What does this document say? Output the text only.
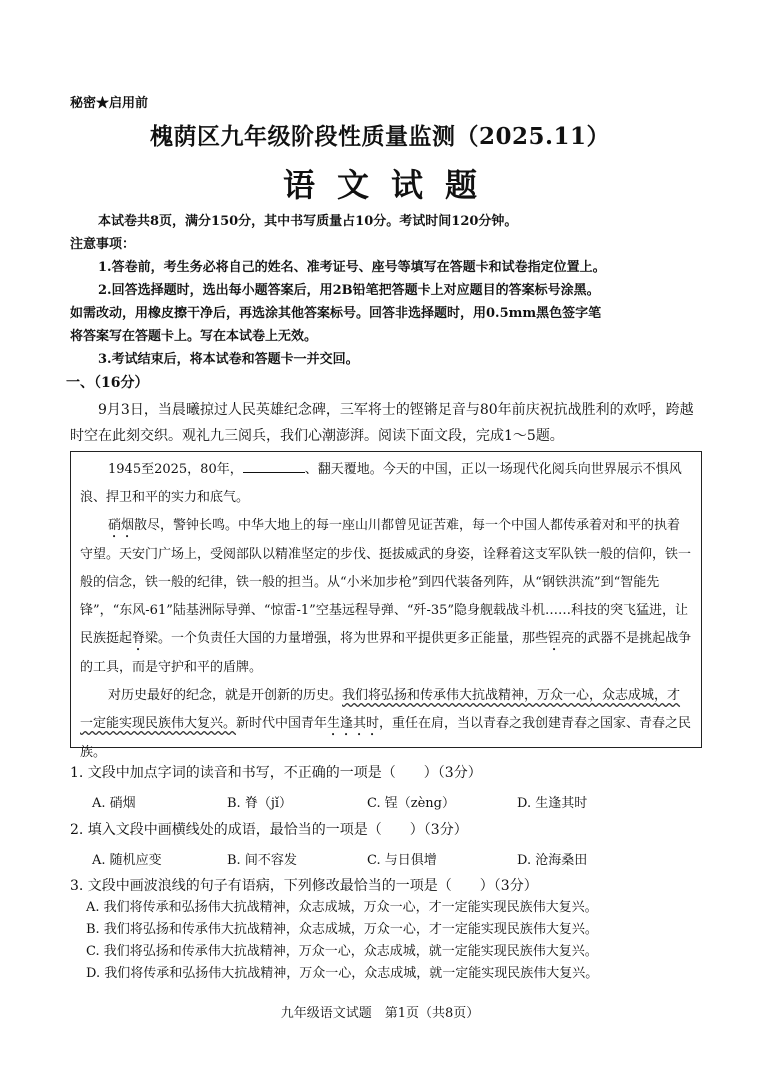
秘密★启用前
槐荫区九年级阶段性质量监测（2025.11）
语文试题

本试卷共8页，满分150分，其中书写质量占10分。考试时间120分钟。

注意事项：

1.答卷前，考生务必将自己的姓名、准考证号、座号等填写在答题卡和试卷指定位置上。

2.回答选择题时，选出每小题答案后，用2B铅笔把答题卡上对应题目的答案标号涂黑。

如需改动，用橡皮擦干净后，再选涂其他答案标号。回答非选择题时，用0.5mm黑色签字笔

将答案写在答题卡上。写在本试卷上无效。

3.考试结束后，将本试卷和答题卡一并交回。

一、（16分）
9月3日，当晨曦掠过人民英雄纪念碑，三军将士的铿锵足音与80年前庆祝抗战胜利的欢呼，跨越时空在此刻交织。观礼九三阅兵，我们心潮澎湃。阅读下面文段，完成1～5题。

1945至2025，80年，	、翻天覆地。今天的中国，正以一场现代化阅兵向世界展示不惧风浪、捍卫和平的实力和底气。

硝烟散尽，警钟长鸣。中华大地上的每一座山川都曾见证苦难，每一个中国人都传承着对和平的执着守望。天安门广场上，受阅部队以精准坚定的步伐、挺拔威武的身姿，诠释着这支军队铁一般的信仰，铁一般的信念，铁一般的纪律，铁一般的担当。从“小米加步枪”到四代装备列阵，从“钢铁洪流”到“智能先锋”，“东风-61”陆基洲际导弹、“惊雷-1”空基远程导弹、“歼-35”隐身舰载战斗机……科技的突飞猛进，让民族挺起脊梁。一个负责任大国的力量增强，将为世界和平提供更多正能量，那些锃亮的武器不是挑起战争的工具，而是守护和平的盾牌。

对历史最好的纪念，就是开创新的历史。我们将弘扬和传承伟大抗战精神，万众一心，众志成城，才一定能实现民族伟大复兴。新时代中国青年生逢其时，重任在肩，当以青春之我创建青春之国家、青春之民族。

1. 文段中加点字词的读音和书写，不正确的一项是（　　）（3分）
A. 硝烟	B. 脊（jǐ）	C. 锃（zèng）	D. 生逢其时
2. 填入文段中画横线处的成语，最恰当的一项是（　　）（3分）
A. 随机应变	B. 间不容发	C. 与日俱增	D. 沧海桑田
3. 文段中画波浪线的句子有语病，下列修改最恰当的一项是（　　）（3分）
A. 我们将传承和弘扬伟大抗战精神，众志成城，万众一心，才一定能实现民族伟大复兴。
B. 我们将弘扬和传承伟大抗战精神，众志成城，万众一心，才一定能实现民族伟大复兴。
C. 我们将弘扬和传承伟大抗战精神，万众一心，众志成城，就一定能实现民族伟大复兴。
D. 我们将传承和弘扬伟大抗战精神，万众一心，众志成城，就一定能实现民族伟大复兴。
九年级语文试题　第1页（共8页）
